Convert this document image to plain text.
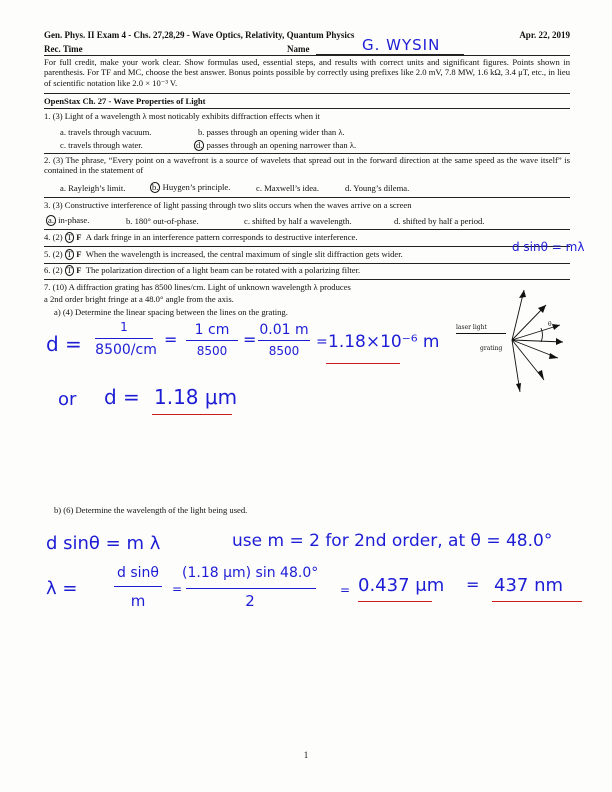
Gen. Phys. II Exam 4 - Chs. 27,28,29 - Wave Optics, Relativity, Quantum Physics	Apr. 22, 2019
Rec. Time	Name	G. WYSIN
For full credit, make your work clear. Show formulas used, essential steps, and results with correct units and significant figures. Points shown in parenthesis. For TF and MC, choose the best answer. Bonus points possible by correctly using prefixes like 2.0 mV, 7.8 MW, 1.6 kΩ, 3.4 μT, etc., in lieu of scientific notation like 2.0 × 10⁻³ V.
OpenStax Ch. 27 - Wave Properties of Light
1. (3) Light of a wavelength λ most noticably exhibits diffraction effects when it
a. travels through vacuum.	b. passes through an opening wider than λ.
c. travels through water.	d. passes through an opening narrower than λ.
2. (3) The phrase, “Every point on a wavefront is a source of wavelets that spread out in the forward direction at the same speed as the wave itself” is contained in the statement of
a. Rayleigh’s limit.	b. Huygen’s principle.	c. Maxwell’s idea.	d. Young’s dilema.
3. (3) Constructive interference of light passing through two slits occurs when the waves arrive on a screen
a. in-phase.	b. 180° out-of-phase.	c. shifted by half a wavelength.	d. shifted by half a period.
4. (2) T F A dark fringe in an interference pattern corresponds to destructive interference.
5. (2) T F When the wavelength is increased, the central maximum of single slit diffraction gets wider.	d sinθ = mλ
6. (2) T F The polarization direction of a light beam can be rotated with a polarizing filter.
7. (10) A diffraction grating has 8500 lines/cm. Light of unknown wavelength λ produces
a 2nd order bright fringe at a 48.0° angle from the axis.
a) (4) Determine the linear spacing between the lines on the grating.
laser light
grating
θ
d =
1
8500/cm
=	1 cm
8500
= 0.01 m
8500
= 1.18×10⁻⁶ m
or d = 1.18 μm
b) (6) Determine the wavelength of the light being used.
d sinθ = m λ	use m = 2 for 2nd order, at θ = 48.0°
λ =
d sinθ
m
=
(1.18 μm) sin 48.0°
2
= 0.437 μm = 437 nm
1
